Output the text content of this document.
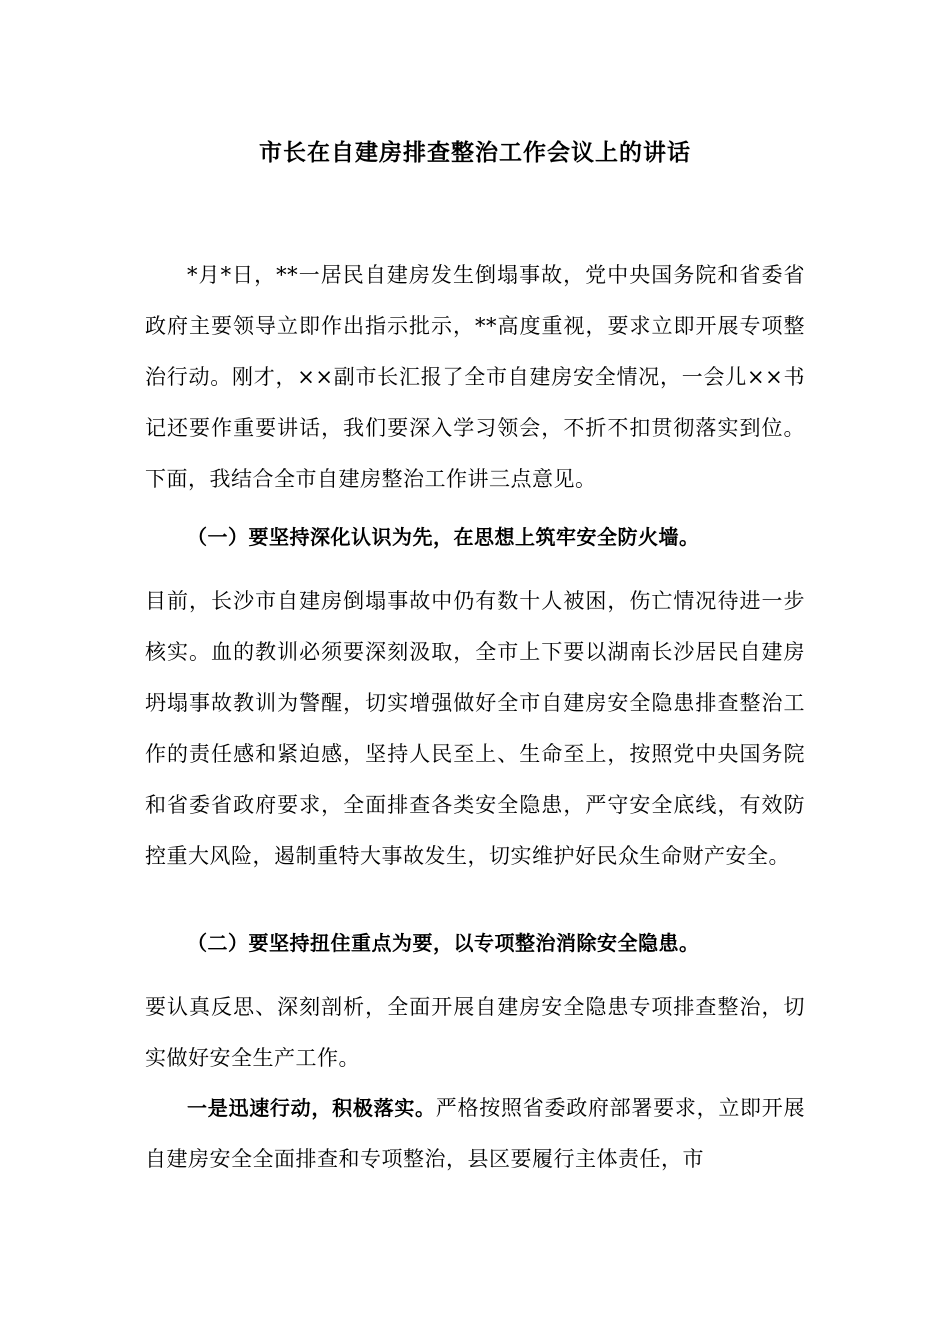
市长在自建房排查整治工作会议上的讲话
*月*日，**一居民自建房发生倒塌事故，党中央国务院和省委省政府主要领导立即作出指示批示，**高度重视，要求立即开展专项整治行动。刚才，××副市长汇报了全市自建房安全情况，一会儿××书记还要作重要讲话，我们要深入学习领会，不折不扣贯彻落实到位。下面，我结合全市自建房整治工作讲三点意见。
（一）要坚持深化认识为先，在思想上筑牢安全防火墙。
目前，长沙市自建房倒塌事故中仍有数十人被困，伤亡情况待进一步核实。血的教训必须要深刻汲取，全市上下要以湖南长沙居民自建房坍塌事故教训为警醒，切实增强做好全市自建房安全隐患排查整治工作的责任感和紧迫感，坚持人民至上、生命至上，按照党中央国务院和省委省政府要求，全面排查各类安全隐患，严守安全底线，有效防控重大风险，遏制重特大事故发生，切实维护好民众生命财产安全。
（二）要坚持扭住重点为要，以专项整治消除安全隐患。
要认真反思、深刻剖析，全面开展自建房安全隐患专项排查整治，切实做好安全生产工作。
一是迅速行动，积极落实。严格按照省委政府部署要求，立即开展自建房安全全面排查和专项整治，县区要履行主体责任，市
